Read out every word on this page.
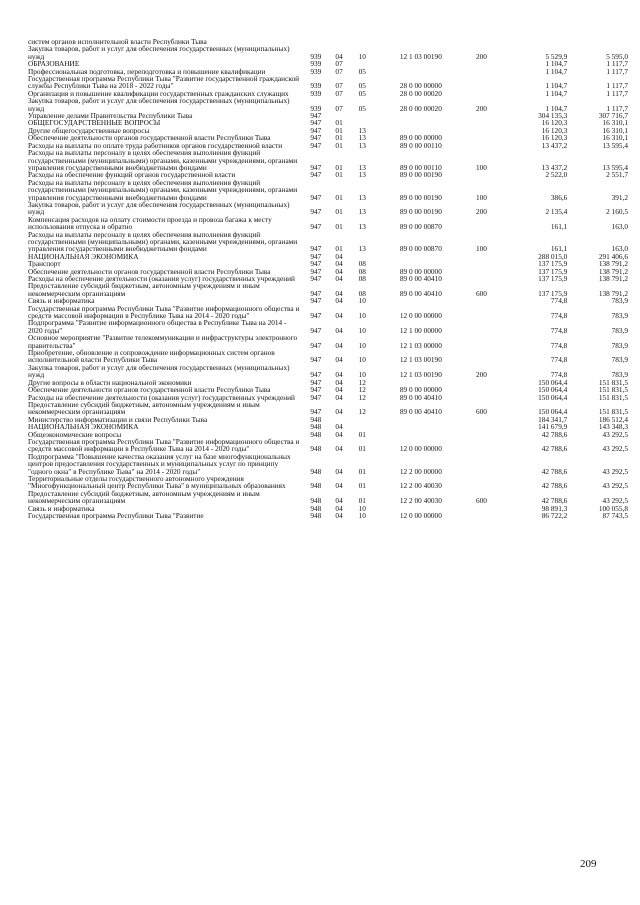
систем органов исполнительной власти Республики Тыва							
Закупка товаров, работ и услуг для обеспечения государственных (муниципальных) нужд	939	04	10	12 1 03 00190	200	5 529,9	5 595,0
ОБРАЗОВАНИЕ	939	07				1 104,7	1 117,7
Профессиональная подготовка, переподготовка и повышение квалификации	939	07	05			1 104,7	1 117,7
Государственная программа Республики Тыва "Развитие государственной гражданской службы Республики Тыва на 2018 - 2022 годы"	939	07	05	28 0 00 00000		1 104,7	1 117,7
Организация и повышение квалификации государственных гражданских служащих	939	07	05	28 0 00 00020		1 104,7	1 117,7
Закупка товаров, работ и услуг для обеспечения государственных (муниципальных) нужд	939	07	05	28 0 00 00020	200	1 104,7	1 117,7
Управление делами Правительства Республики Тыва	947					304 135,3	307 716,7
ОБЩЕГОСУДАРСТВЕННЫЕ ВОПРОСЫ	947	01				16 120,3	16 310,1
Другие общегосударственные вопросы	947	01	13			16 120,3	16 310,1
Обеспечение деятельности органов государственной власти Республики Тыва	947	01	13	89 0 00 00000		16 120,3	16 310,1
Расходы на выплаты по оплате труда работников органов государственной власти	947	01	13	89 0 00 00110		13 437,2	13 595,4
Расходы на выплаты персоналу в целях обеспечения выполнения функций государственными (муниципальными) органами, казенными учреждениями, органами управления государственными внебюджетными фондами	947	01	13	89 0 00 00110	100	13 437,2	13 595,4
Расходы на обеспечение функций органов государственной власти	947	01	13	89 0 00 00190		2 522,0	2 551,7
Расходы на выплаты персоналу в целях обеспечения выполнения функций государственными (муниципальными) органами, казенными учреждениями, органами управления государственными внебюджетными фондами	947	01	13	89 0 00 00190	100	386,6	391,2
Закупка товаров, работ и услуг для обеспечения государственных (муниципальных) нужд	947	01	13	89 0 00 00190	200	2 135,4	2 160,5
Компенсация расходов на оплату стоимости проезда и провоза багажа к месту использования отпуска и обратно	947	01	13	89 0 00 00870		161,1	163,0
Расходы на выплаты персоналу в целях обеспечения выполнения функций государственными (муниципальными) органами, казенными учреждениями, органами управления государственными внебюджетными фондами	947	01	13	89 0 00 00870	100	161,1	163,0
НАЦИОНАЛЬНАЯ ЭКОНОМИКА	947	04				288 015,0	291 406,6
Транспорт	947	04	08			137 175,9	138 791,2
Обеспечение деятельности органов государственной власти Республики Тыва	947	04	08	89 0 00 00000		137 175,9	138 791,2
Расходы на обеспечение деятельности (оказания услуг) государственных учреждений	947	04	08	89 0 00 40410		137 175,9	138 791,2
Предоставление субсидий бюджетным, автономным учреждениям и иным некоммерческим организациям	947	04	08	89 0 00 40410	600	137 175,9	138 791,2
Связь и информатика	947	04	10			774,8	783,9
Государственная программа Республики Тыва "Развитие информационного общества и средств массовой информации в Республике Тыва на 2014 - 2020 годы"	947	04	10	12 0 00 00000		774,8	783,9
Подпрограмма "Развитие информационного общества в Республике Тыва на 2014 - 2020 годы"	947	04	10	12 1 00 00000		774,8	783,9
Основное мероприятие "Развитие телекоммуникации и инфраструктуры электронного правительства"	947	04	10	12 1 03 00000		774,8	783,9
Приобретение, обновление и сопровождение информационных систем органов исполнительной власти Республики Тыва	947	04	10	12 1 03 00190		774,8	783,9
Закупка товаров, работ и услуг для обеспечения государственных (муниципальных) нужд	947	04	10	12 1 03 00190	200	774,8	783,9
Другие вопросы в области национальной экономики	947	04	12			150 064,4	151 831,5
Обеспечение деятельности органов государственной власти Республики Тыва	947	04	12	89 0 00 00000		150 064,4	151 831,5
Расходы на обеспечение деятельности (оказания услуг) государственных учреждений	947	04	12	89 0 00 40410		150 064,4	151 831,5
Предоставление субсидий бюджетным, автономным учреждениям и иным некоммерческим организациям	947	04	12	89 0 00 40410	600	150 064,4	151 831,5
Министерство информатизации и связи Республики Тыва	948					184 341,7	186 512,4
НАЦИОНАЛЬНАЯ ЭКОНОМИКА	948	04				141 679,9	143 348,3
Общеэкономические вопросы	948	04	01			42 788,6	43 292,5
Государственная программа Республики Тыва "Развитие информационного общества и средств массовой информации в Республике Тыва на 2014 - 2020 годы"	948	04	01	12 0 00 00000		42 788,6	43 292,5
Подпрограмма "Повышение качества оказания услуг на базе многофункциональных центров предоставления государственных и муниципальных услуг по принципу "одного окна" в Республике Тыва" на 2014 - 2020 годы"	948	04	01	12 2 00 00000		42 788,6	43 292,5
Территориальные отделы государственного автономного учреждения "Многофункциональный центр Республики Тыва" в муниципальных образованиях	948	04	01	12 2 00 40030		42 788,6	43 292,5
Предоставление субсидий бюджетным, автономным учреждениям и иным некоммерческим организациям	948	04	01	12 2 00 40030	600	42 788,6	43 292,5
Связь и информатика	948	04	10			98 891,3	100 055,8
Государственная программа Республики Тыва "Развитие	948	04	10	12 0 00 00000		86 722,2	87 743,5
209
